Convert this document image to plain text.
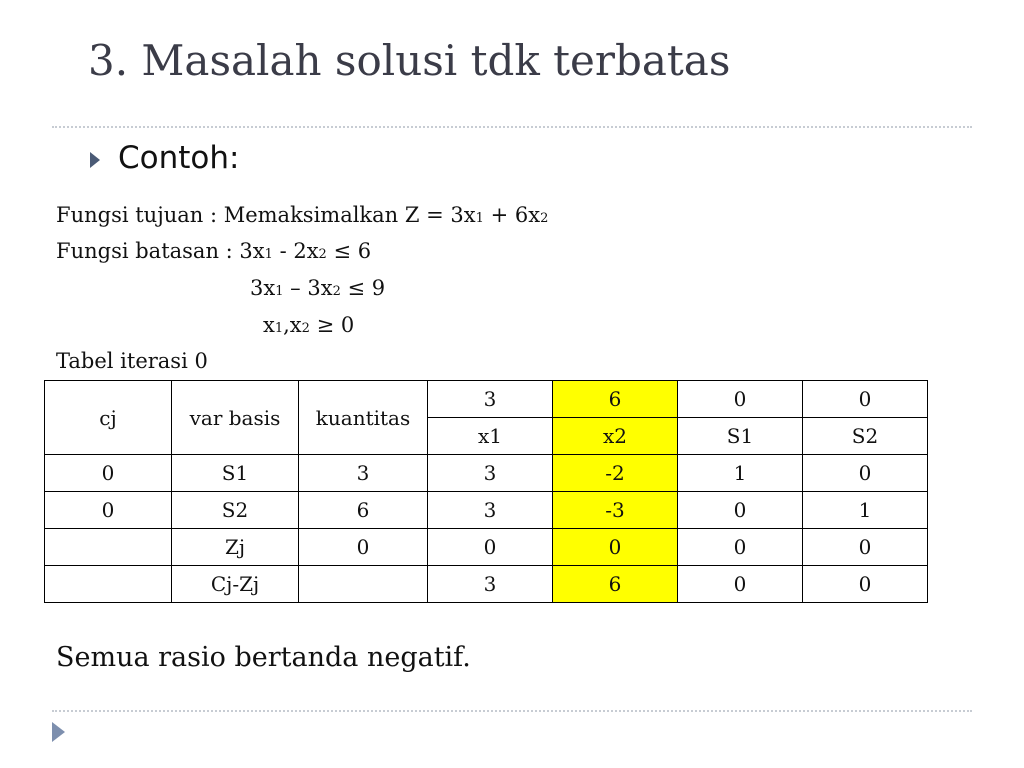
3. Masalah solusi tdk terbatas
Contoh:
Fungsi tujuan : Memaksimalkan Z = 3x1 + 6x2
Fungsi batasan : 3x1 - 2x2 ≤ 6
3x1 – 3x2 ≤ 9
x1,x2 ≥ 0
Tabel iterasi 0
cj	var basis	kuantitas	3	6	0	0
			x1	x2	S1	S2
0	S1	3	3	-2	1	0
0	S2	6	3	-3	0	1
	Zj	0	0	0	0	0
	Cj-Zj		3	6	0	0
Semua rasio bertanda negatif.
